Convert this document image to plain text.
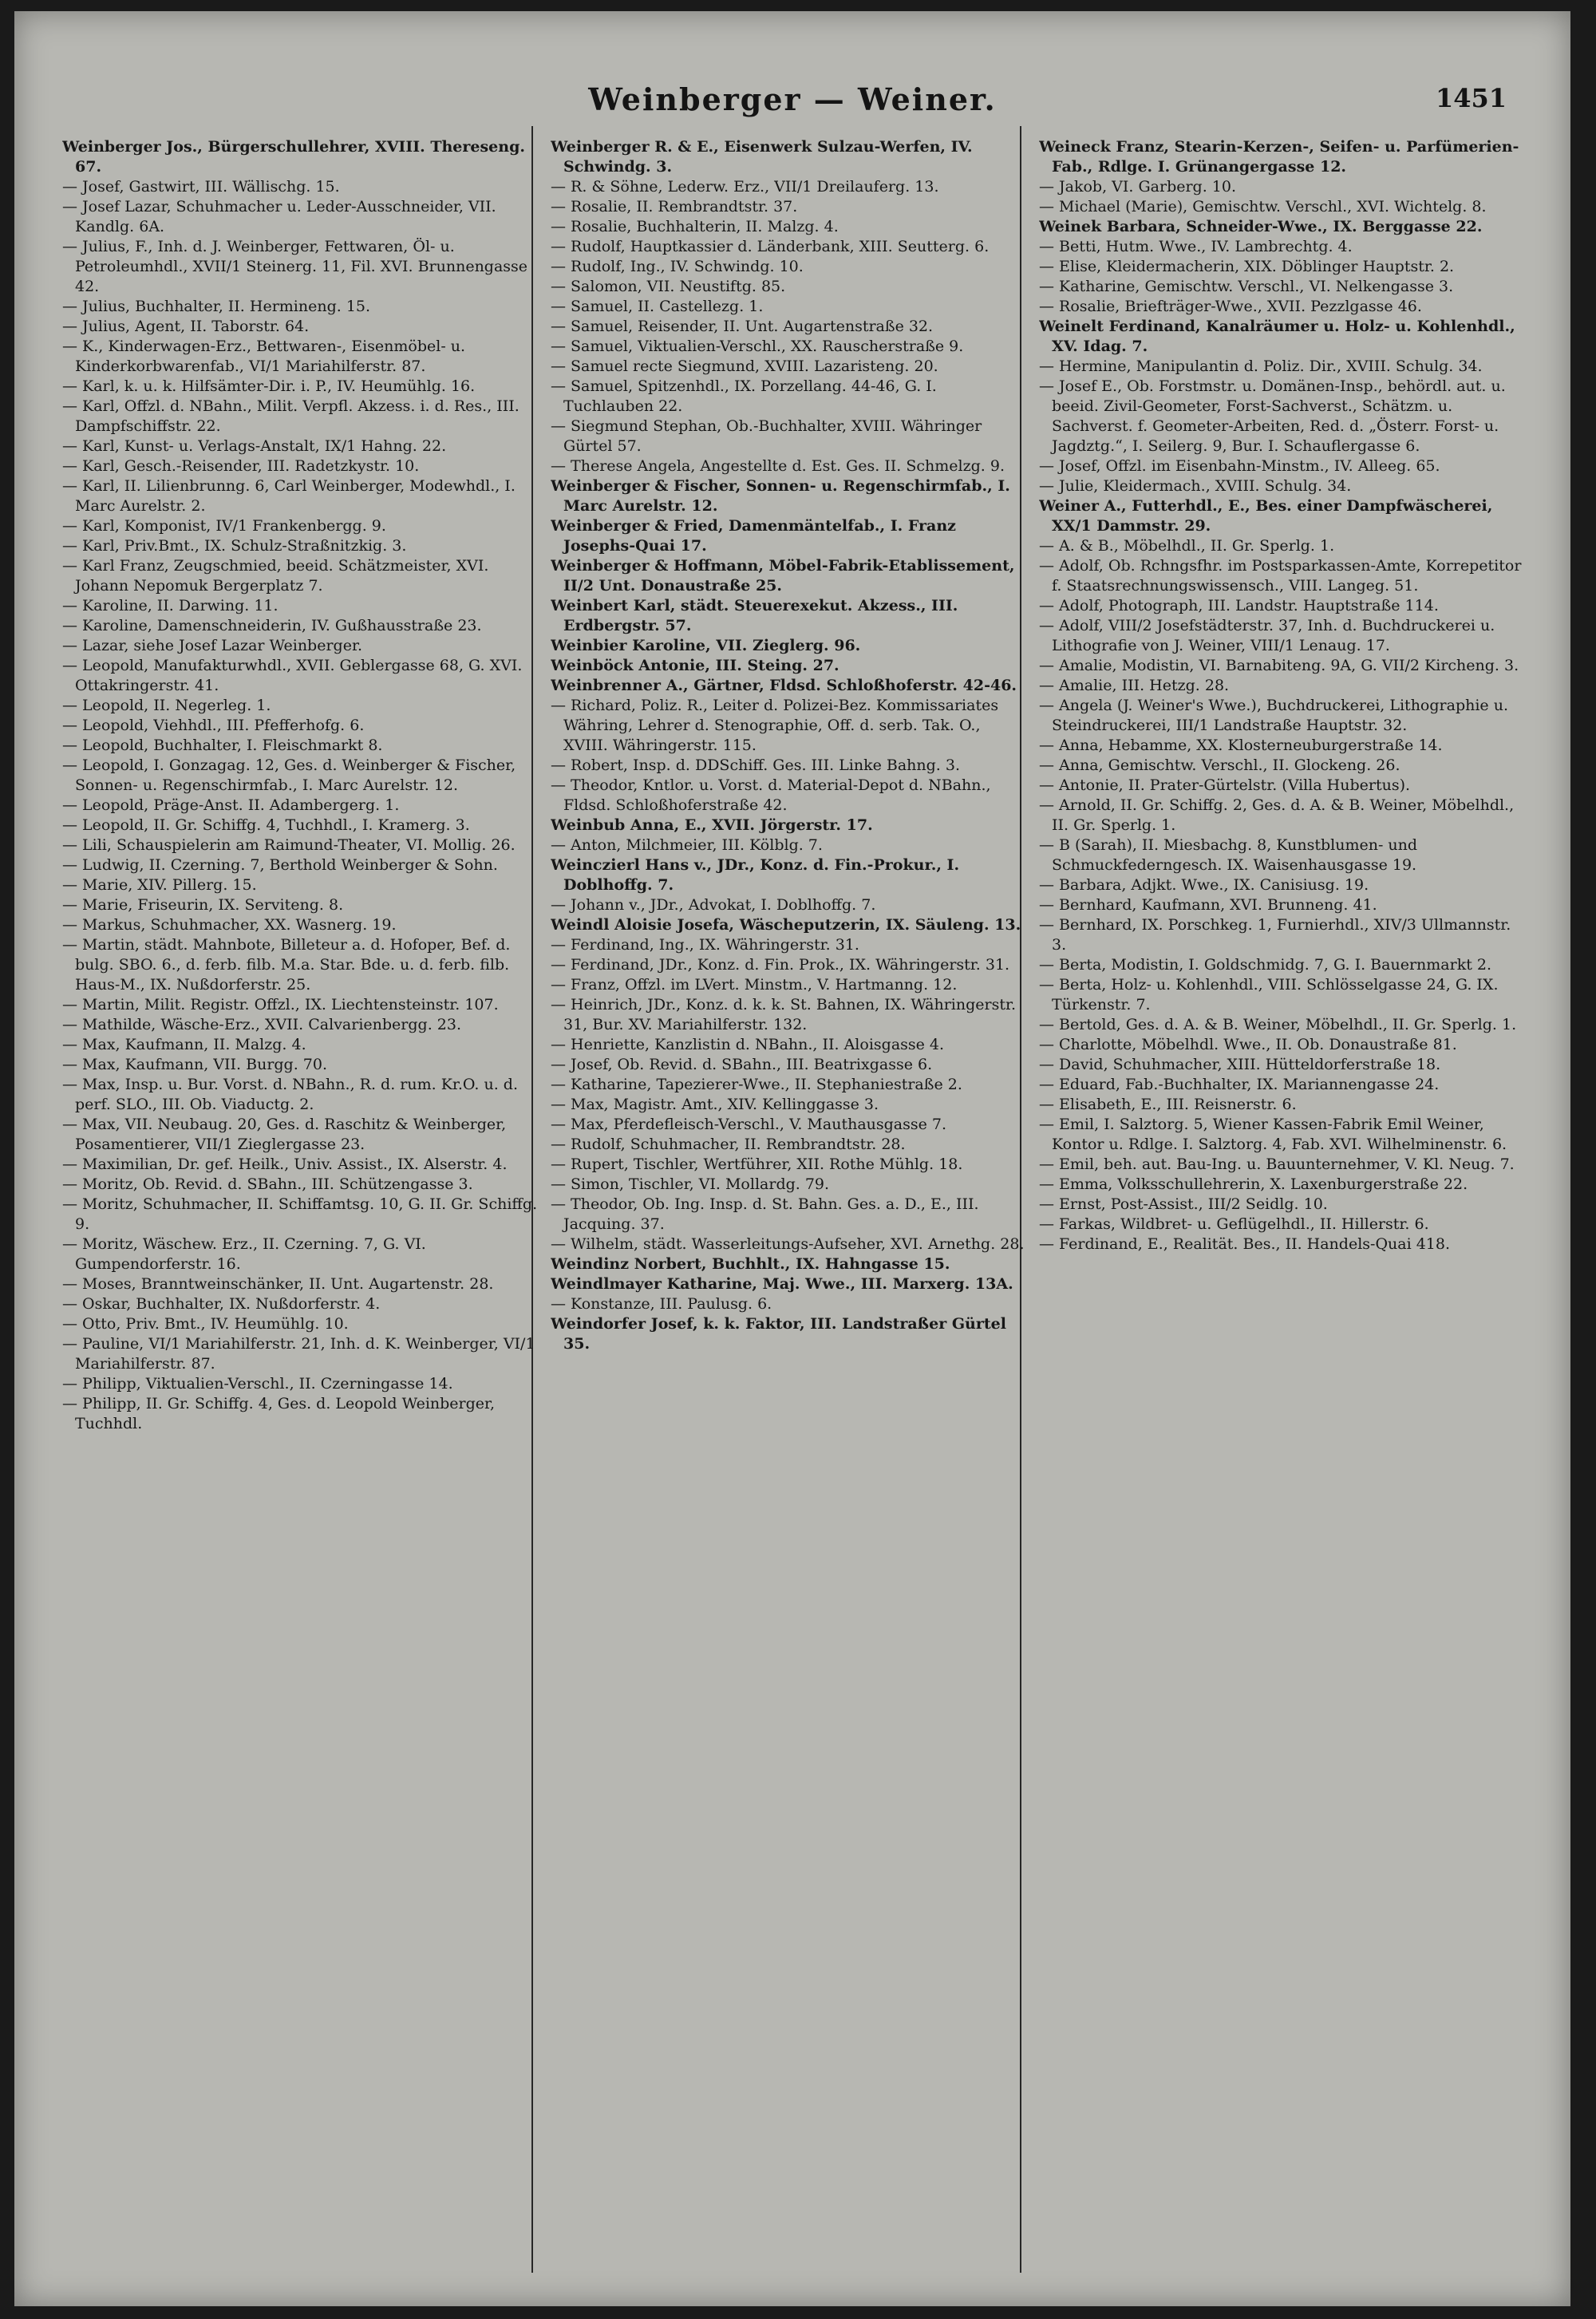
Weinberger — Weiner.	1451

Weinberger Jos., Bürgerschullehrer, XVIII. Thereseng. 67.

— Josef, Gastwirt, III. Wällischg. 15.

— Josef Lazar, Schuhmacher u. Leder-Ausschneider, VII. Kandlg. 6A.

— Julius, F., Inh. d. J. Weinberger, Fettwaren, Öl- u. Petroleumhdl., XVII/1 Steinerg. 11, Fil. XVI. Brunnengasse 42.

— Julius, Buchhalter, II. Hermineng. 15.

— Julius, Agent, II. Taborstr. 64.

— K., Kinderwagen-Erz., Bettwaren-, Eisenmöbel- u. Kinderkorbwarenfab., VI/1 Mariahilferstr. 87.

— Karl, k. u. k. Hilfsämter-Dir. i. P., IV. Heumühlg. 16.

— Karl, Offzl. d. NBahn., Milit. Verpfl. Akzess. i. d. Res., III. Dampfschiffstr. 22.

— Karl, Kunst- u. Verlags-Anstalt, IX/1 Hahng. 22.

— Karl, Gesch.-Reisender, III. Radetzkystr. 10.

— Karl, II. Lilienbrunng. 6, Carl Weinberger, Modewhdl., I. Marc Aurelstr. 2.

— Karl, Komponist, IV/1 Frankenbergg. 9.

— Karl, Priv.Bmt., IX. Schulz-Straßnitzkig. 3.

— Karl Franz, Zeugschmied, beeid. Schätzmeister, XVI. Johann Nepomuk Bergerplatz 7.

— Karoline, II. Darwing. 11.

— Karoline, Damenschneiderin, IV. Gußhausstraße 23.

— Lazar, siehe Josef Lazar Weinberger.

— Leopold, Manufakturwhdl., XVII. Geblergasse 68, G. XVI. Ottakringerstr. 41.

— Leopold, II. Negerleg. 1.

— Leopold, Viehhdl., III. Pfefferhofg. 6.

— Leopold, Buchhalter, I. Fleischmarkt 8.

— Leopold, I. Gonzagag. 12, Ges. d. Weinberger & Fischer, Sonnen- u. Regenschirmfab., I. Marc Aurelstr. 12.

— Leopold, Präge-Anst. II. Adambergerg. 1.

— Leopold, II. Gr. Schiffg. 4, Tuchhdl., I. Kramerg. 3.

— Lili, Schauspielerin am Raimund-Theater, VI. Mollig. 26.

— Ludwig, II. Czerning. 7, Berthold Weinberger & Sohn.

— Marie, XIV. Pillerg. 15.

— Marie, Friseurin, IX. Serviteng. 8.

— Markus, Schuhmacher, XX. Wasnerg. 19.

— Martin, städt. Mahnbote, Billeteur a. d. Hofoper, Bef. d. bulg. SBO. 6., d. ferb. filb. M.a. Star. Bde. u. d. ferb. filb. Haus-M., IX. Nußdorferstr. 25.

— Martin, Milit. Registr. Offzl., IX. Liechtensteinstr. 107.

— Mathilde, Wäsche-Erz., XVII. Calvarienbergg. 23.

— Max, Kaufmann, II. Malzg. 4.

— Max, Kaufmann, VII. Burgg. 70.

— Max, Insp. u. Bur. Vorst. d. NBahn., R. d. rum. Kr.O. u. d. perf. SLO., III. Ob. Viaductg. 2.

— Max, VII. Neubaug. 20, Ges. d. Raschitz & Weinberger, Posamentierer, VII/1 Zieglergasse 23.

— Maximilian, Dr. gef. Heilk., Univ. Assist., IX. Alserstr. 4.

— Moritz, Ob. Revid. d. SBahn., III. Schützengasse 3.

— Moritz, Schuhmacher, II. Schiffamtsg. 10, G. II. Gr. Schiffg. 9.

— Moritz, Wäschew. Erz., II. Czerning. 7, G. VI. Gumpendorferstr. 16.

— Moses, Branntweinschänker, II. Unt. Augartenstr. 28.

— Oskar, Buchhalter, IX. Nußdorferstr. 4.

— Otto, Priv. Bmt., IV. Heumühlg. 10.

— Pauline, VI/1 Mariahilferstr. 21, Inh. d. K. Weinberger, VI/1 Mariahilferstr. 87.

— Philipp, Viktualien-Verschl., II. Czerningasse 14.

— Philipp, II. Gr. Schiffg. 4, Ges. d. Leopold Weinberger, Tuchhdl.

Weinberger R. & E., Eisenwerk Sulzau-Werfen, IV. Schwindg. 3.

— R. & Söhne, Lederw. Erz., VII/1 Dreilauferg. 13.

— Rosalie, II. Rembrandtstr. 37.

— Rosalie, Buchhalterin, II. Malzg. 4.

— Rudolf, Hauptkassier d. Länderbank, XIII. Seutterg. 6.

— Rudolf, Ing., IV. Schwindg. 10.

— Salomon, VII. Neustiftg. 85.

— Samuel, II. Castellezg. 1.

— Samuel, Reisender, II. Unt. Augartenstraße 32.

— Samuel, Viktualien-Verschl., XX. Rauscherstraße 9.

— Samuel recte Siegmund, XVIII. Lazaristeng. 20.

— Samuel, Spitzenhdl., IX. Porzellang. 44-46, G. I. Tuchlauben 22.

— Siegmund Stephan, Ob.-Buchhalter, XVIII. Währinger Gürtel 57.

— Therese Angela, Angestellte d. Est. Ges. II. Schmelzg. 9.

Weinberger & Fischer, Sonnen- u. Regenschirmfab., I. Marc Aurelstr. 12.

Weinberger & Fried, Damenmäntelfab., I. Franz Josephs-Quai 17.

Weinberger & Hoffmann, Möbel-Fabrik-Etablissement, II/2 Unt. Donaustraße 25.

Weinbert Karl, städt. Steuerexekut. Akzess., III. Erdbergstr. 57.

Weinbier Karoline, VII. Zieglerg. 96.

Weinböck Antonie, III. Steing. 27.

Weinbrenner A., Gärtner, Fldsd. Schloßhoferstr. 42-46.

— Richard, Poliz. R., Leiter d. Polizei-Bez. Kommissariates Währing, Lehrer d. Stenographie, Off. d. serb. Tak. O., XVIII. Währingerstr. 115.

— Robert, Insp. d. DDSchiff. Ges. III. Linke Bahng. 3.

— Theodor, Kntlor. u. Vorst. d. Material-Depot d. NBahn., Fldsd. Schloßhoferstraße 42.

Weinbub Anna, E., XVII. Jörgerstr. 17.

— Anton, Milchmeier, III. Kölblg. 7.

Weinczierl Hans v., JDr., Konz. d. Fin.-Prokur., I. Doblhoffg. 7.

— Johann v., JDr., Advokat, I. Doblhoffg. 7.

Weindl Aloisie Josefa, Wäscheputzerin, IX. Säuleng. 13.

— Ferdinand, Ing., IX. Währingerstr. 31.

— Ferdinand, JDr., Konz. d. Fin. Prok., IX. Währingerstr. 31.

— Franz, Offzl. im LVert. Minstm., V. Hartmanng. 12.

— Heinrich, JDr., Konz. d. k. k. St. Bahnen, IX. Währingerstr. 31, Bur. XV. Mariahilferstr. 132.

— Henriette, Kanzlistin d. NBahn., II. Aloisgasse 4.

— Josef, Ob. Revid. d. SBahn., III. Beatrixgasse 6.

— Katharine, Tapezierer-Wwe., II. Stephaniestraße 2.

— Max, Magistr. Amt., XIV. Kellinggasse 3.

— Max, Pferdefleisch-Verschl., V. Mauthausgasse 7.

— Rudolf, Schuhmacher, II. Rembrandtstr. 28.

— Rupert, Tischler, Wertführer, XII. Rothe Mühlg. 18.

— Simon, Tischler, VI. Mollardg. 79.

— Theodor, Ob. Ing. Insp. d. St. Bahn. Ges. a. D., E., III. Jacquing. 37.

— Wilhelm, städt. Wasserleitungs-Aufseher, XVI. Arnethg. 28.

Weindinz Norbert, Buchhlt., IX. Hahngasse 15.

Weindlmayer Katharine, Maj. Wwe., III. Marxerg. 13A.

— Konstanze, III. Paulusg. 6.

Weindorfer Josef, k. k. Faktor, III. Landstraßer Gürtel 35.

Weineck Franz, Stearin-Kerzen-, Seifen- u. Parfümerien-Fab., Rdlge. I. Grünangergasse 12.

— Jakob, VI. Garberg. 10.

— Michael (Marie), Gemischtw. Verschl., XVI. Wichtelg. 8.

Weinek Barbara, Schneider-Wwe., IX. Berggasse 22.

— Betti, Hutm. Wwe., IV. Lambrechtg. 4.

— Elise, Kleidermacherin, XIX. Döblinger Hauptstr. 2.

— Katharine, Gemischtw. Verschl., VI. Nelkengasse 3.

— Rosalie, Briefträger-Wwe., XVII. Pezzlgasse 46.

Weinelt Ferdinand, Kanalräumer u. Holz- u. Kohlenhdl., XV. Idag. 7.

— Hermine, Manipulantin d. Poliz. Dir., XVIII. Schulg. 34.

— Josef E., Ob. Forstmstr. u. Domänen-Insp., behördl. aut. u. beeid. Zivil-Geometer, Forst-Sachverst., Schätzm. u. Sachverst. f. Geometer-Arbeiten, Red. d. „Österr. Forst- u. Jagdztg.“, I. Seilerg. 9, Bur. I. Schauflergasse 6.

— Josef, Offzl. im Eisenbahn-Minstm., IV. Alleeg. 65.

— Julie, Kleidermach., XVIII. Schulg. 34.

Weiner A., Futterhdl., E., Bes. einer Dampfwäscherei, XX/1 Dammstr. 29.

— A. & B., Möbelhdl., II. Gr. Sperlg. 1.

— Adolf, Ob. Rchngsfhr. im Postsparkassen-Amte, Korrepetitor f. Staatsrechnungswissensch., VIII. Langeg. 51.

— Adolf, Photograph, III. Landstr. Hauptstraße 114.

— Adolf, VIII/2 Josefstädterstr. 37, Inh. d. Buchdruckerei u. Lithografie von J. Weiner, VIII/1 Lenaug. 17.

— Amalie, Modistin, VI. Barnabiteng. 9A, G. VII/2 Kircheng. 3.

— Amalie, III. Hetzg. 28.

— Angela (J. Weiner's Wwe.), Buchdruckerei, Lithographie u. Steindruckerei, III/1 Landstraße Hauptstr. 32.

— Anna, Hebamme, XX. Klosterneuburgerstraße 14.

— Anna, Gemischtw. Verschl., II. Glockeng. 26.

— Antonie, II. Prater-Gürtelstr. (Villa Hubertus).

— Arnold, II. Gr. Schiffg. 2, Ges. d. A. & B. Weiner, Möbelhdl., II. Gr. Sperlg. 1.

— B (Sarah), II. Miesbachg. 8, Kunstblumen- und Schmuckfederngesch. IX. Waisenhausgasse 19.

— Barbara, Adjkt. Wwe., IX. Canisiusg. 19.

— Bernhard, Kaufmann, XVI. Brunneng. 41.

— Bernhard, IX. Porschkeg. 1, Furnierhdl., XIV/3 Ullmannstr. 3.

— Berta, Modistin, I. Goldschmidg. 7, G. I. Bauernmarkt 2.

— Berta, Holz- u. Kohlenhdl., VIII. Schlösselgasse 24, G. IX. Türkenstr. 7.

— Bertold, Ges. d. A. & B. Weiner, Möbelhdl., II. Gr. Sperlg. 1.

— Charlotte, Möbelhdl. Wwe., II. Ob. Donaustraße 81.

— David, Schuhmacher, XIII. Hütteldorferstraße 18.

— Eduard, Fab.-Buchhalter, IX. Mariannengasse 24.

— Elisabeth, E., III. Reisnerstr. 6.

— Emil, I. Salztorg. 5, Wiener Kassen-Fabrik Emil Weiner, Kontor u. Rdlge. I. Salztorg. 4, Fab. XVI. Wilhelminenstr. 6.

— Emil, beh. aut. Bau-Ing. u. Bauunternehmer, V. Kl. Neug. 7.

— Emma, Volksschullehrerin, X. Laxenburgerstraße 22.

— Ernst, Post-Assist., III/2 Seidlg. 10.

— Farkas, Wildbret- u. Geflügelhdl., II. Hillerstr. 6.

— Ferdinand, E., Realität. Bes., II. Handels-Quai 418.
